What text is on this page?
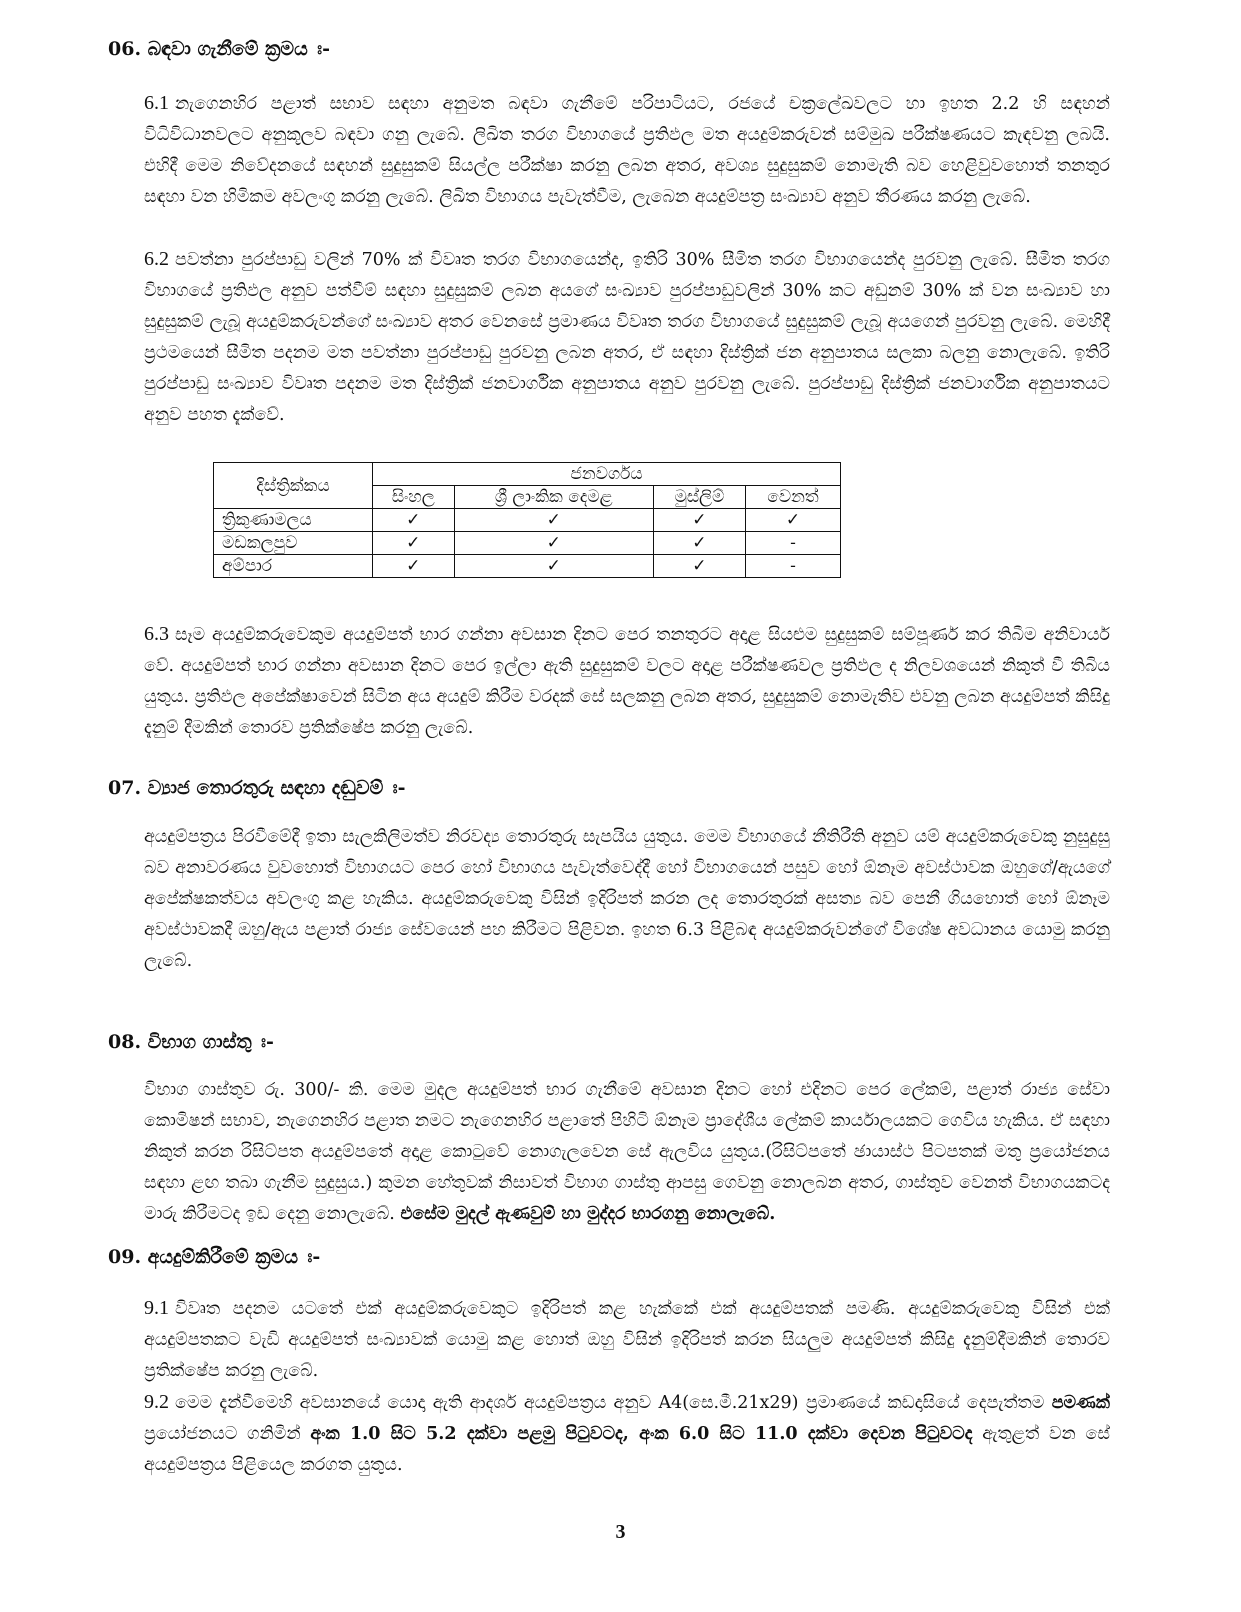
06. බඳවා ගැනීමේ ක්‍රමය ඃ-
6.1 නැගෙනහිර පළාත් සභාව සඳහා අනුමත බඳවා ගැනීමේ පරිපාටියට, රජයේ චක්‍රලේඛවලට හා ඉහත 2.2 හි සඳහන් විධිවිධානවලට අනුකූලව බඳවා ගනු ලැබේ. ලිඛිත තරග විභාගයේ ප්‍රතිඵල මත අයදුම්කරුවන් සම්මුඛ පරීක්ෂණයට කැඳවනු ලබයි. එහිදී මෙම නිවේදනයේ සඳහන් සුදුසුකම් සියල්ල පරීක්ෂා කරනු ලබන අතර, අවශ්‍ය සුදුසුකම් නොමැති බව හෙළිවුවහොත් තනතුර සඳහා වන හිමිකම අවලංගු කරනු ලැබේ. ලිඛිත විභාගය පැවැත්වීම, ලැබෙන අයදුම්පත්‍ර සංඛ්‍යාව අනුව තීරණය කරනු ලැබේ.
6.2 පවත්නා පුරප්පාඩු වලින් 70% ක් විවෘත තරග විභාගයෙන්ද, ඉතිරි 30% සීමිත තරග විභාගයෙන්ද පුරවනු ලැබේ. සීමිත තරග විභාගයේ ප්‍රතිඵල අනුව පත්වීම් සඳහා සුදුසුකම් ලබන අයගේ සංඛ්‍යාව පුරප්පාඩුවලින් 30% කට අඩුනම් 30% ක් වන සංඛ්‍යාව හා සුදුසුකම් ලැබූ අයදුම්කරුවන්ගේ සංඛ්‍යාව අතර වෙනසේ ප්‍රමාණය විවෘත තරග විභාගයේ සුදුසුකම් ලැබූ අයගෙන් පුරවනු ලැබේ. මෙහිදී ප්‍රථමයෙන් සීමිත පදනම මත පවත්නා පුරප්පාඩු පුරවනු ලබන අතර, ඒ සඳහා දිස්ත්‍රික් ජන අනුපාතය සලකා බලනු නොලැබේ. ඉතිරි පුරප්පාඩු සංඛ්‍යාව විවෘත පදනම මත දිස්ත්‍රික් ජනවාර්ගික අනුපාතය අනුව පුරවනු ලැබේ. පුරප්පාඩු දිස්ත්‍රික් ජනවාර්ගික අනුපාතයට අනුව පහත දැක්වේ.
දිස්ත්‍රික්කය	ජනවර්ගය			
	සිංහල	ශ්‍රී ලාංකික දෙමළ	මුස්ලිම්	වෙනත්
ත්‍රිකුණාමලය	✓	✓	✓	✓
මඩකලපුව	✓	✓	✓	-
අම්පාර	✓	✓	✓	-
6.3 සෑම අයදුම්කරුවෙකුම අයදුම්පත් භාර ගන්නා අවසාන දිනට පෙර තනතුරට අදාළ සියළුම සුදුසුකම් සම්පූර්ණ කර තිබීම අනිවාර්ය වේ. අයදුම්පත් භාර ගන්නා අවසාන දිනට පෙර ඉල්ලා ඇති සුදුසුකම් වලට අදාළ පරීක්ෂණවල ප්‍රතිඵල ද නිලවශයෙන් නිකුත් වී තිබිය යුතුය. ප්‍රතිඵල අපේක්ෂාවෙන් සිටින අය අයදුම් කිරීම වරදක් සේ සලකනු ලබන අතර, සුදුසුකම් නොමැතිව එවනු ලබන අයදුම්පත් කිසිදු දැනුම් දීමකින් තොරව ප්‍රතික්ෂේප කරනු ලැබේ.
07. ව්‍යාජ තොරතුරු සඳහා දඬුවම් ඃ-
අයදුම්පත්‍රය පිරවීමේදී ඉතා සැලකිලිමත්ව නිරවද්‍ය තොරතුරු සැපයිය යුතුය. මෙම විභාගයේ නීතිරීති අනුව යම් අයදුම්කරුවෙකු නුසුදුසු බව අනාවරණය වුවහොත් විභාගයට පෙර හෝ විභාගය පැවැත්වෙද්දී හෝ විභාගයෙන් පසුව හෝ ඕනෑම අවස්ථාවක ඔහුගේ/ඇයගේ අපේක්ෂකත්වය අවලංගු කළ හැකිය. අයදුම්කරුවෙකු විසින් ඉදිරිපත් කරන ලද තොරතුරක් අසත්‍ය බව පෙනී ගියහොත් හෝ ඕනෑම අවස්ථාවකදී ඔහු/ඇය පළාත් රාජ්‍ය සේවයෙන් පහ කිරීමට පිළිවන. ඉහත 6.3 පිළිබඳ අයදුම්කරුවන්ගේ විශේෂ අවධානය යොමු කරනු ලැබේ.
08. විභාග ගාස්තු ඃ-
විභාග ගාස්තුව රු. 300/- කි. මෙම මුදල අයදුම්පත් භාර ගැනීමේ අවසාන දිනට හෝ එදිනට පෙර ලේකම්, පළාත් රාජ්‍ය සේවා කොමිෂන් සභාව, නැගෙනහිර පළාත නමට නැගෙනහිර පළාතේ පිහිටි ඕනෑම ප්‍රාදේශීය ලේකම් කාර්යාලයකට ගෙවිය හැකිය. ඒ සඳහා නිකුත් කරන රිසිට්පත අයදුම්පතේ අදාළ කොටුවේ නොගැලවෙන සේ ඇලවිය යුතුය.(රිසිට්පතේ ඡායාස්ථ පිටපතක් මතු ප්‍රයෝජනය සඳහා ළඟ තබා ගැනීම සුදුසුය.) කුමන හේතුවක් නිසාවත් විභාග ගාස්තු ආපසු ගෙවනු නොලබන අතර, ගාස්තුව වෙනත් විභාගයකටද මාරු කිරීමටද ඉඩ දෙනු නොලැබේ. එසේම මුදල් ඇණවුම් හා මුද්දර භාරගනු නොලැබේ.
09. අයදුම්කිරීමේ ක්‍රමය ඃ-
9.1 විවෘත පදනම යටතේ එක් අයදුම්කරුවෙකුට ඉදිරිපත් කළ හැක්කේ එක් අයදුම්පතක් පමණි. අයදුම්කරුවෙකු විසින් එක් අයදුම්පතකට වැඩි අයදුම්පත් සංඛ්‍යාවක් යොමු කළ හොත් ඔහු විසින් ඉදිරිපත් කරන සියලුම අයදුම්පත් කිසිදු දැනුම්දීමකින් තොරව ප්‍රතික්ෂේප කරනු ලැබේ.
9.2 මෙම දැන්වීමෙහි අවසානයේ යොදා ඇති ආදර්ශ අයදුම්පත්‍රය අනුව A4(සෙ.මී.21x29) ප්‍රමාණයේ කඩදාසියේ දෙපැත්තම පමණක් ප්‍රයෝජනයට ගනිමින් අංක 1.0 සිට 5.2 දක්වා පළමු පිටුවටද, අංක 6.0 සිට 11.0 දක්වා දෙවන පිටුවටද ඇතුළත් වන සේ අයදුම්පත්‍රය පිළියෙල කරගත යුතුය.
3
